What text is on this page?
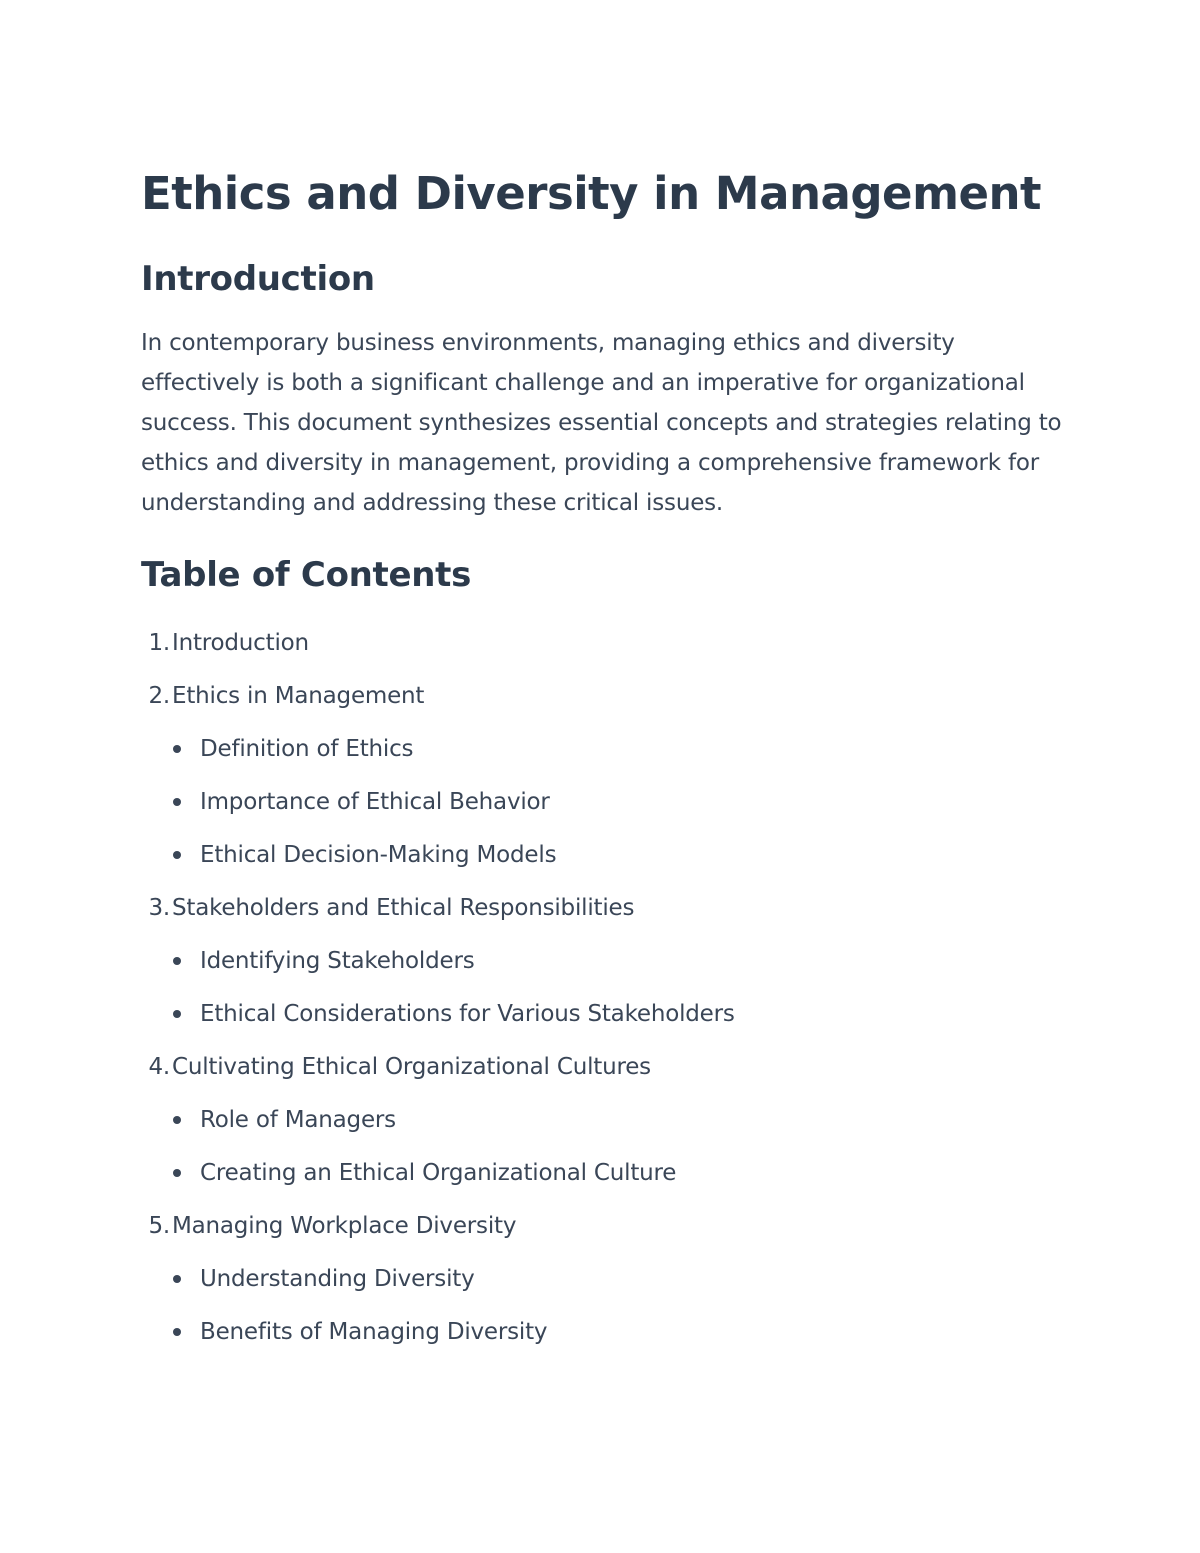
Ethics and Diversity in Management
Introduction

In contemporary business environments, managing ethics and diversity effectively is both a significant challenge and an imperative for organizational success. This document synthesizes essential concepts and strategies relating to ethics and diversity in management, providing a comprehensive framework for understanding and addressing these critical issues.

Table of Contents
1.Introduction
2.Ethics in Management
Definition of Ethics
Importance of Ethical Behavior
Ethical Decision-Making Models
3.Stakeholders and Ethical Responsibilities
Identifying Stakeholders
Ethical Considerations for Various Stakeholders
4.Cultivating Ethical Organizational Cultures
Role of Managers
Creating an Ethical Organizational Culture
5.Managing Workplace Diversity
Understanding Diversity
Benefits of Managing Diversity
